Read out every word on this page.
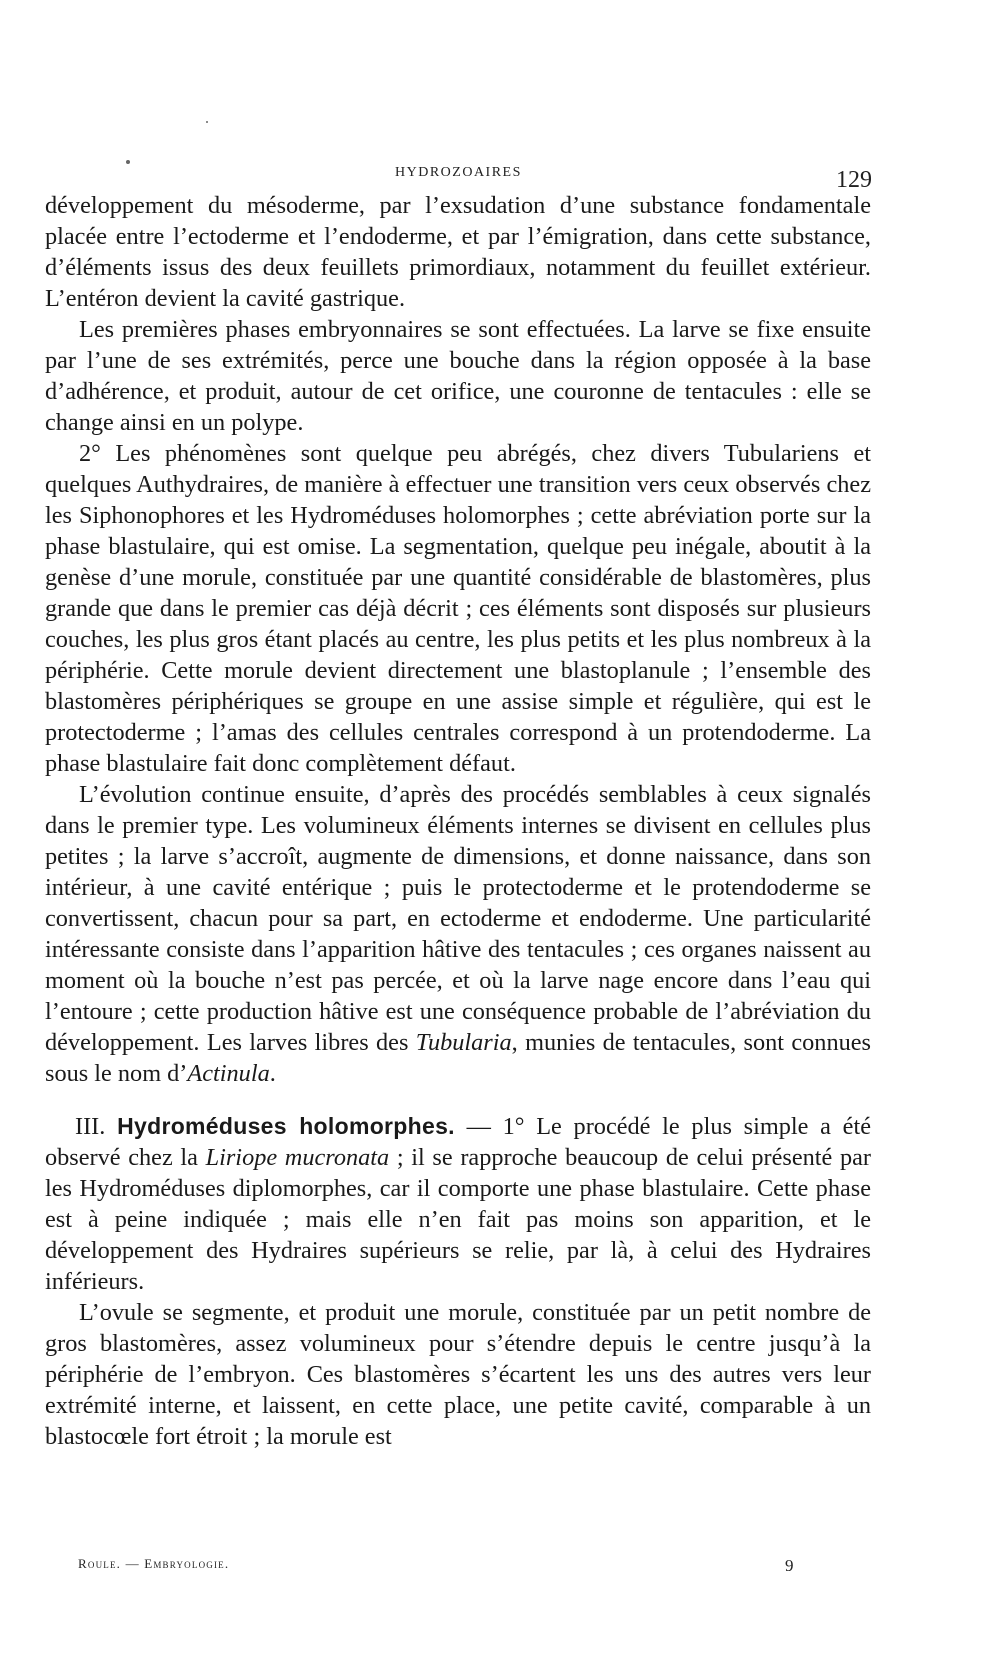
HYDROZOAIRES	129

développement du mésoderme, par l’exsudation d’une substance fondamentale placée entre l’ectoderme et l’endoderme, et par l’émigration, dans cette substance, d’éléments issus des deux feuillets primordiaux, notamment du feuillet extérieur. L’entéron devient la cavité gastrique.

Les premières phases embryonnaires se sont effectuées. La larve se fixe ensuite par l’une de ses extrémités, perce une bouche dans la région opposée à la base d’adhérence, et produit, autour de cet orifice, une couronne de tentacules : elle se change ainsi en un polype.

2° Les phénomènes sont quelque peu abrégés, chez divers Tubulariens et quelques Authydraires, de manière à effectuer une transition vers ceux observés chez les Siphonophores et les Hydroméduses holomorphes ; cette abréviation porte sur la phase blastulaire, qui est omise. La segmentation, quelque peu inégale, aboutit à la genèse d’une morule, constituée par une quantité considérable de blastomères, plus grande que dans le premier cas déjà décrit ; ces éléments sont disposés sur plusieurs couches, les plus gros étant placés au centre, les plus petits et les plus nombreux à la périphérie. Cette morule devient directement une blastoplanule ; l’ensemble des blastomères périphériques se groupe en une assise simple et régulière, qui est le protectoderme ; l’amas des cellules centrales correspond à un protendoderme. La phase blastulaire fait donc complètement défaut.

L’évolution continue ensuite, d’après des procédés semblables à ceux signalés dans le premier type. Les volumineux éléments internes se divisent en cellules plus petites ; la larve s’accroît, augmente de dimensions, et donne naissance, dans son intérieur, à une cavité entérique ; puis le protectoderme et le protendoderme se convertissent, chacun pour sa part, en ectoderme et endoderme. Une particularité intéressante consiste dans l’apparition hâtive des tentacules ; ces organes naissent au moment où la bouche n’est pas percée, et où la larve nage encore dans l’eau qui l’entoure ; cette production hâtive est une conséquence probable de l’abréviation du développement. Les larves libres des Tubularia, munies de tentacules, sont connues sous le nom d’Actinula.

III. Hydroméduses holomorphes. — 1° Le procédé le plus simple a été observé chez la Liriope mucronata ; il se rapproche beaucoup de celui présenté par les Hydroméduses diplomorphes, car il comporte une phase blastulaire. Cette phase est à peine indiquée ; mais elle n’en fait pas moins son apparition, et le développement des Hydraires supérieurs se relie, par là, à celui des Hydraires inférieurs.

L’ovule se segmente, et produit une morule, constituée par un petit nombre de gros blastomères, assez volumineux pour s’étendre depuis le centre jusqu’à la périphérie de l’embryon. Ces blastomères s’écartent les uns des autres vers leur extrémité interne, et laissent, en cette place, une petite cavité, comparable à un blastocœle fort étroit ; la morule est

Roule. — Embryologie.	9
